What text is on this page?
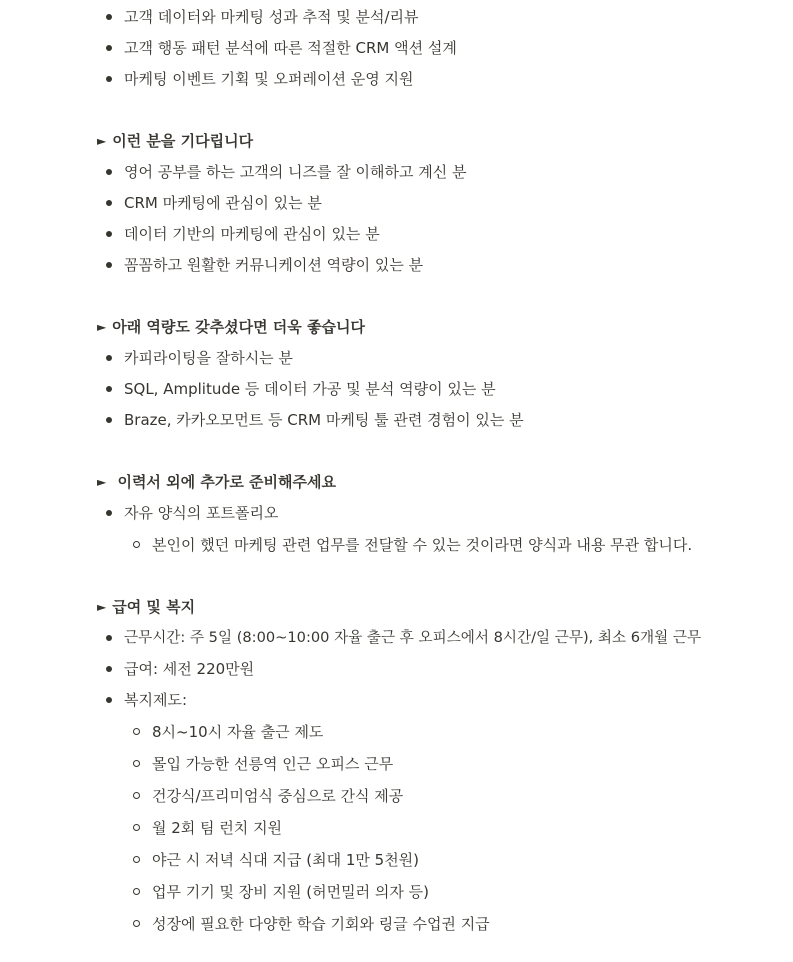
고객 데이터와 마케팅 성과 추적 및 분석/리뷰
고객 행동 패턴 분석에 따른 적절한 CRM 액션 설계
마케팅 이벤트 기획 및 오퍼레이션 운영 지원
► 이런 분을 기다립니다
영어 공부를 하는 고객의 니즈를 잘 이해하고 계신 분
CRM 마케팅에 관심이 있는 분
데이터 기반의 마케팅에 관심이 있는 분
꼼꼼하고 원활한 커뮤니케이션 역량이 있는 분
► 아래 역량도 갖추셨다면 더욱 좋습니다
카피라이팅을 잘하시는 분
SQL, Amplitude 등 데이터 가공 및 분석 역량이 있는 분
Braze, 카카오모먼트 등 CRM 마케팅 툴 관련 경험이 있는 분
► 이력서 외에 추가로 준비해주세요
자유 양식의 포트폴리오
본인이 했던 마케팅 관련 업무를 전달할 수 있는 것이라면 양식과 내용 무관 합니다.
► 급여 및 복지
근무시간: 주 5일 (8:00~10:00 자율 출근 후 오피스에서 8시간/일 근무), 최소 6개월 근무
급여: 세전 220만원
복지제도:
8시~10시 자율 출근 제도
몰입 가능한 선릉역 인근 오피스 근무
건강식/프리미엄식 중심으로 간식 제공
월 2회 팀 런치 지원
야근 시 저녁 식대 지급 (최대 1만 5천원)
업무 기기 및 장비 지원 (허먼밀러 의자 등)
성장에 필요한 다양한 학습 기회와 링글 수업권 지급
